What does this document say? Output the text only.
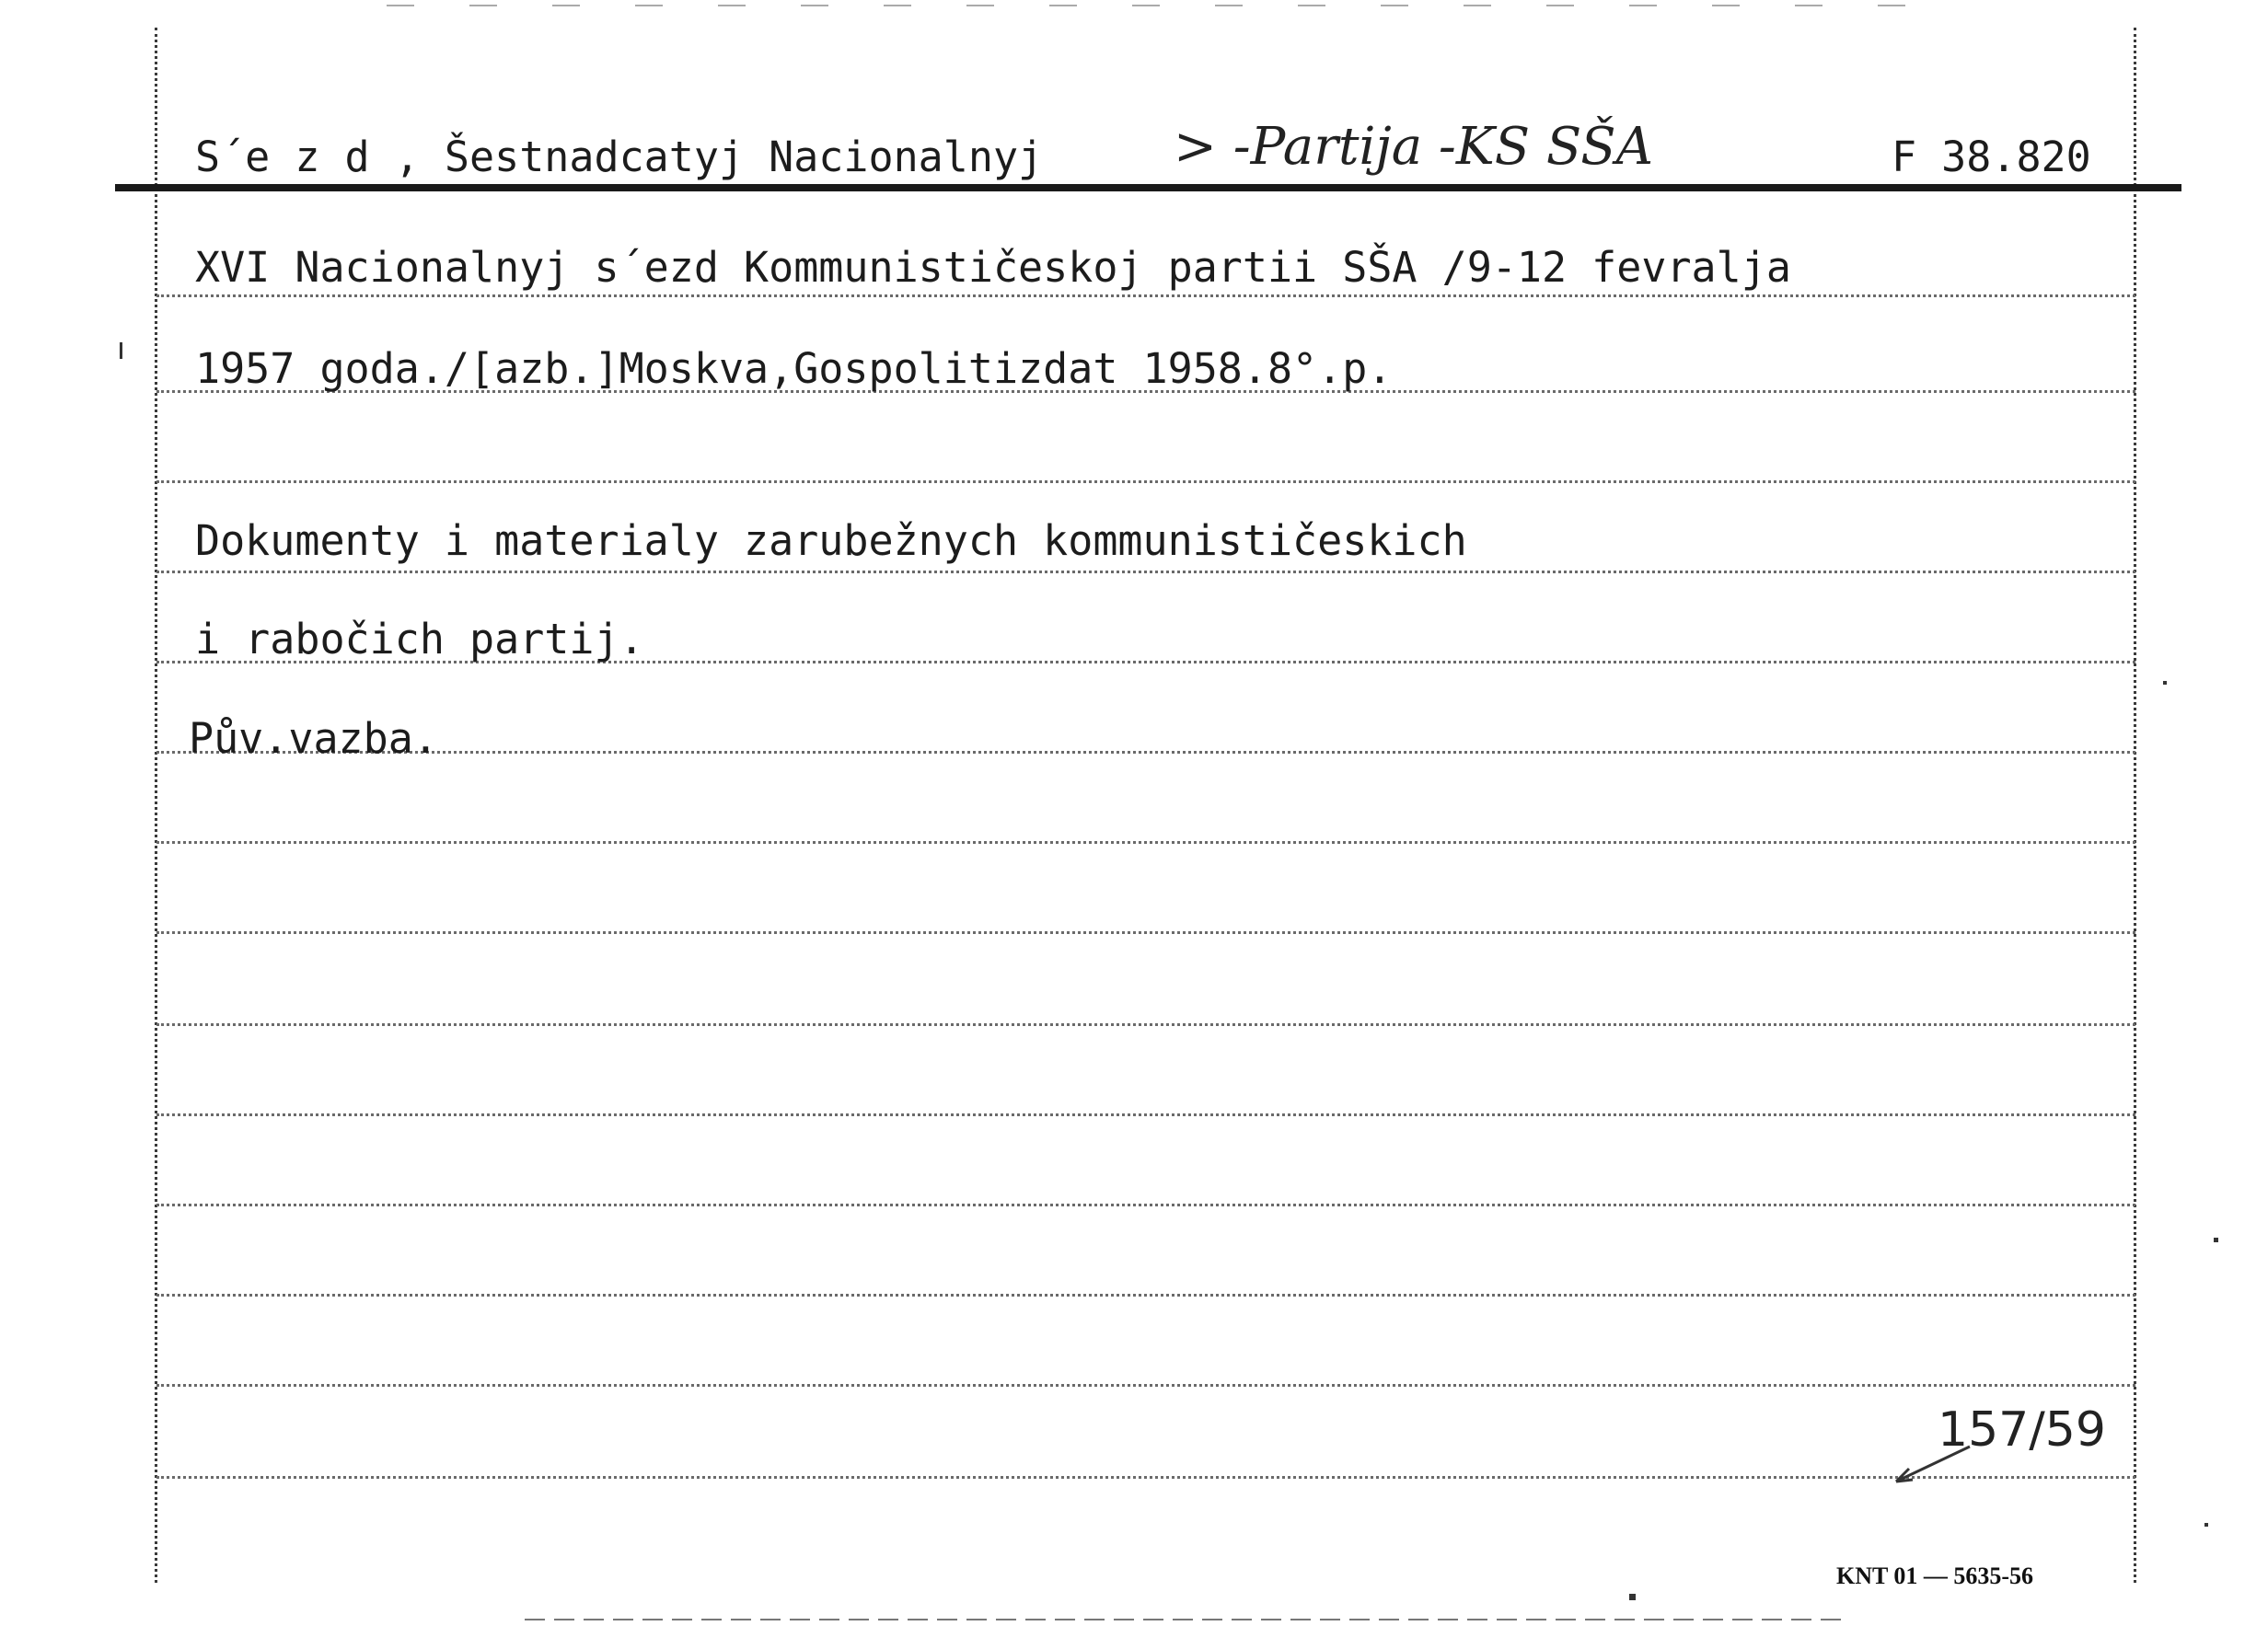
S´e z d , Šestnadcatyj Nacionalnyj	> -Partija -KS SŠA	F 38.820
XVI Nacionalnyj s´ezd Kommunističeskoj partii SŠA /9-12 fevralja
1957 goda./[azb.]Moskva,Gospolitizdat 1958.8°.p.
Dokumenty i materialy zarubežnych kommunističeskich
i rabočich partij.
Pův.vazba.
157/59
KNT 01 — 5635-56
